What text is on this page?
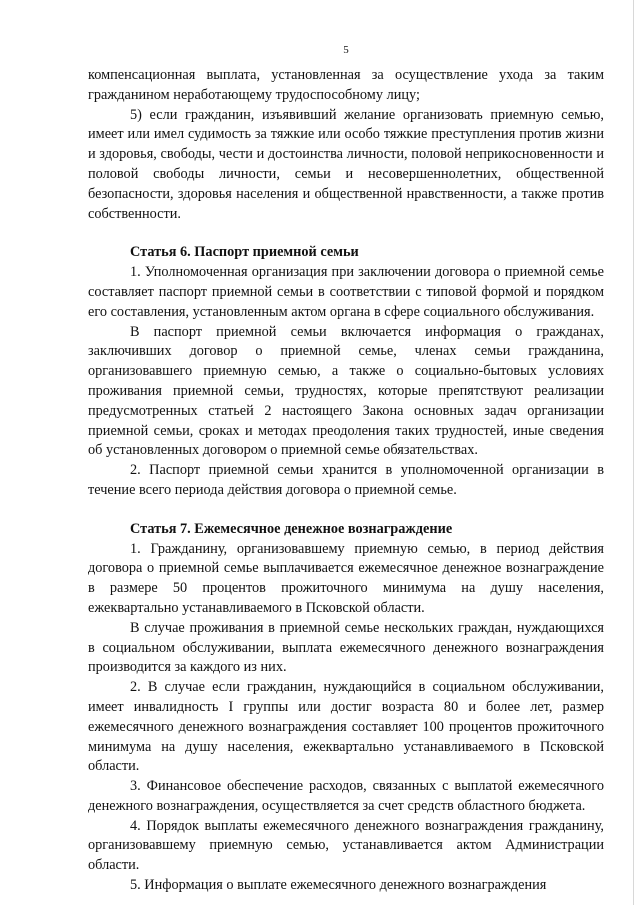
5
компенсационная выплата, установленная за осуществление ухода за таким гражданином неработающему трудоспособному лицу;
5) если гражданин, изъявивший желание организовать приемную семью, имеет или имел судимость за тяжкие или особо тяжкие преступления против жизни и здоровья, свободы, чести и достоинства личности, половой неприкосновенности и половой свободы личности, семьи и несовершеннолетних, общественной безопасности, здоровья населения и общественной нравственности, а также против собственности.
Статья 6. Паспорт приемной семьи
1. Уполномоченная организация при заключении договора о приемной семье составляет паспорт приемной семьи в соответствии с типовой формой и порядком его составления, установленным актом органа в сфере социального обслуживания.
В паспорт приемной семьи включается информация о гражданах, заключивших договор о приемной семье, членах семьи гражданина, организовавшего приемную семью, а также о социально-бытовых условиях проживания приемной семьи, трудностях, которые препятствуют реализации предусмотренных статьей 2 настоящего Закона основных задач организации приемной семьи, сроках и методах преодоления таких трудностей, иные сведения об установленных договором о приемной семье обязательствах.
2. Паспорт приемной семьи хранится в уполномоченной организации в течение всего периода действия договора о приемной семье.
Статья 7. Ежемесячное денежное вознаграждение
1. Гражданину, организовавшему приемную семью, в период действия договора о приемной семье выплачивается ежемесячное денежное вознаграждение в размере 50 процентов прожиточного минимума на душу населения, ежеквартально устанавливаемого в Псковской области.
В случае проживания в приемной семье нескольких граждан, нуждающихся в социальном обслуживании, выплата ежемесячного денежного вознаграждения производится за каждого из них.
2. В случае если гражданин, нуждающийся в социальном обслуживании, имеет инвалидность I группы или достиг возраста 80 и более лет, размер ежемесячного денежного вознаграждения составляет 100 процентов прожиточного минимума на душу населения, ежеквартально устанавливаемого в Псковской области.
3. Финансовое обеспечение расходов, связанных с выплатой ежемесячного денежного вознаграждения, осуществляется за счет средств областного бюджета.
4. Порядок выплаты ежемесячного денежного вознаграждения гражданину, организовавшему приемную семью, устанавливается актом Администрации области.
5. Информация о выплате ежемесячного денежного вознаграждения
